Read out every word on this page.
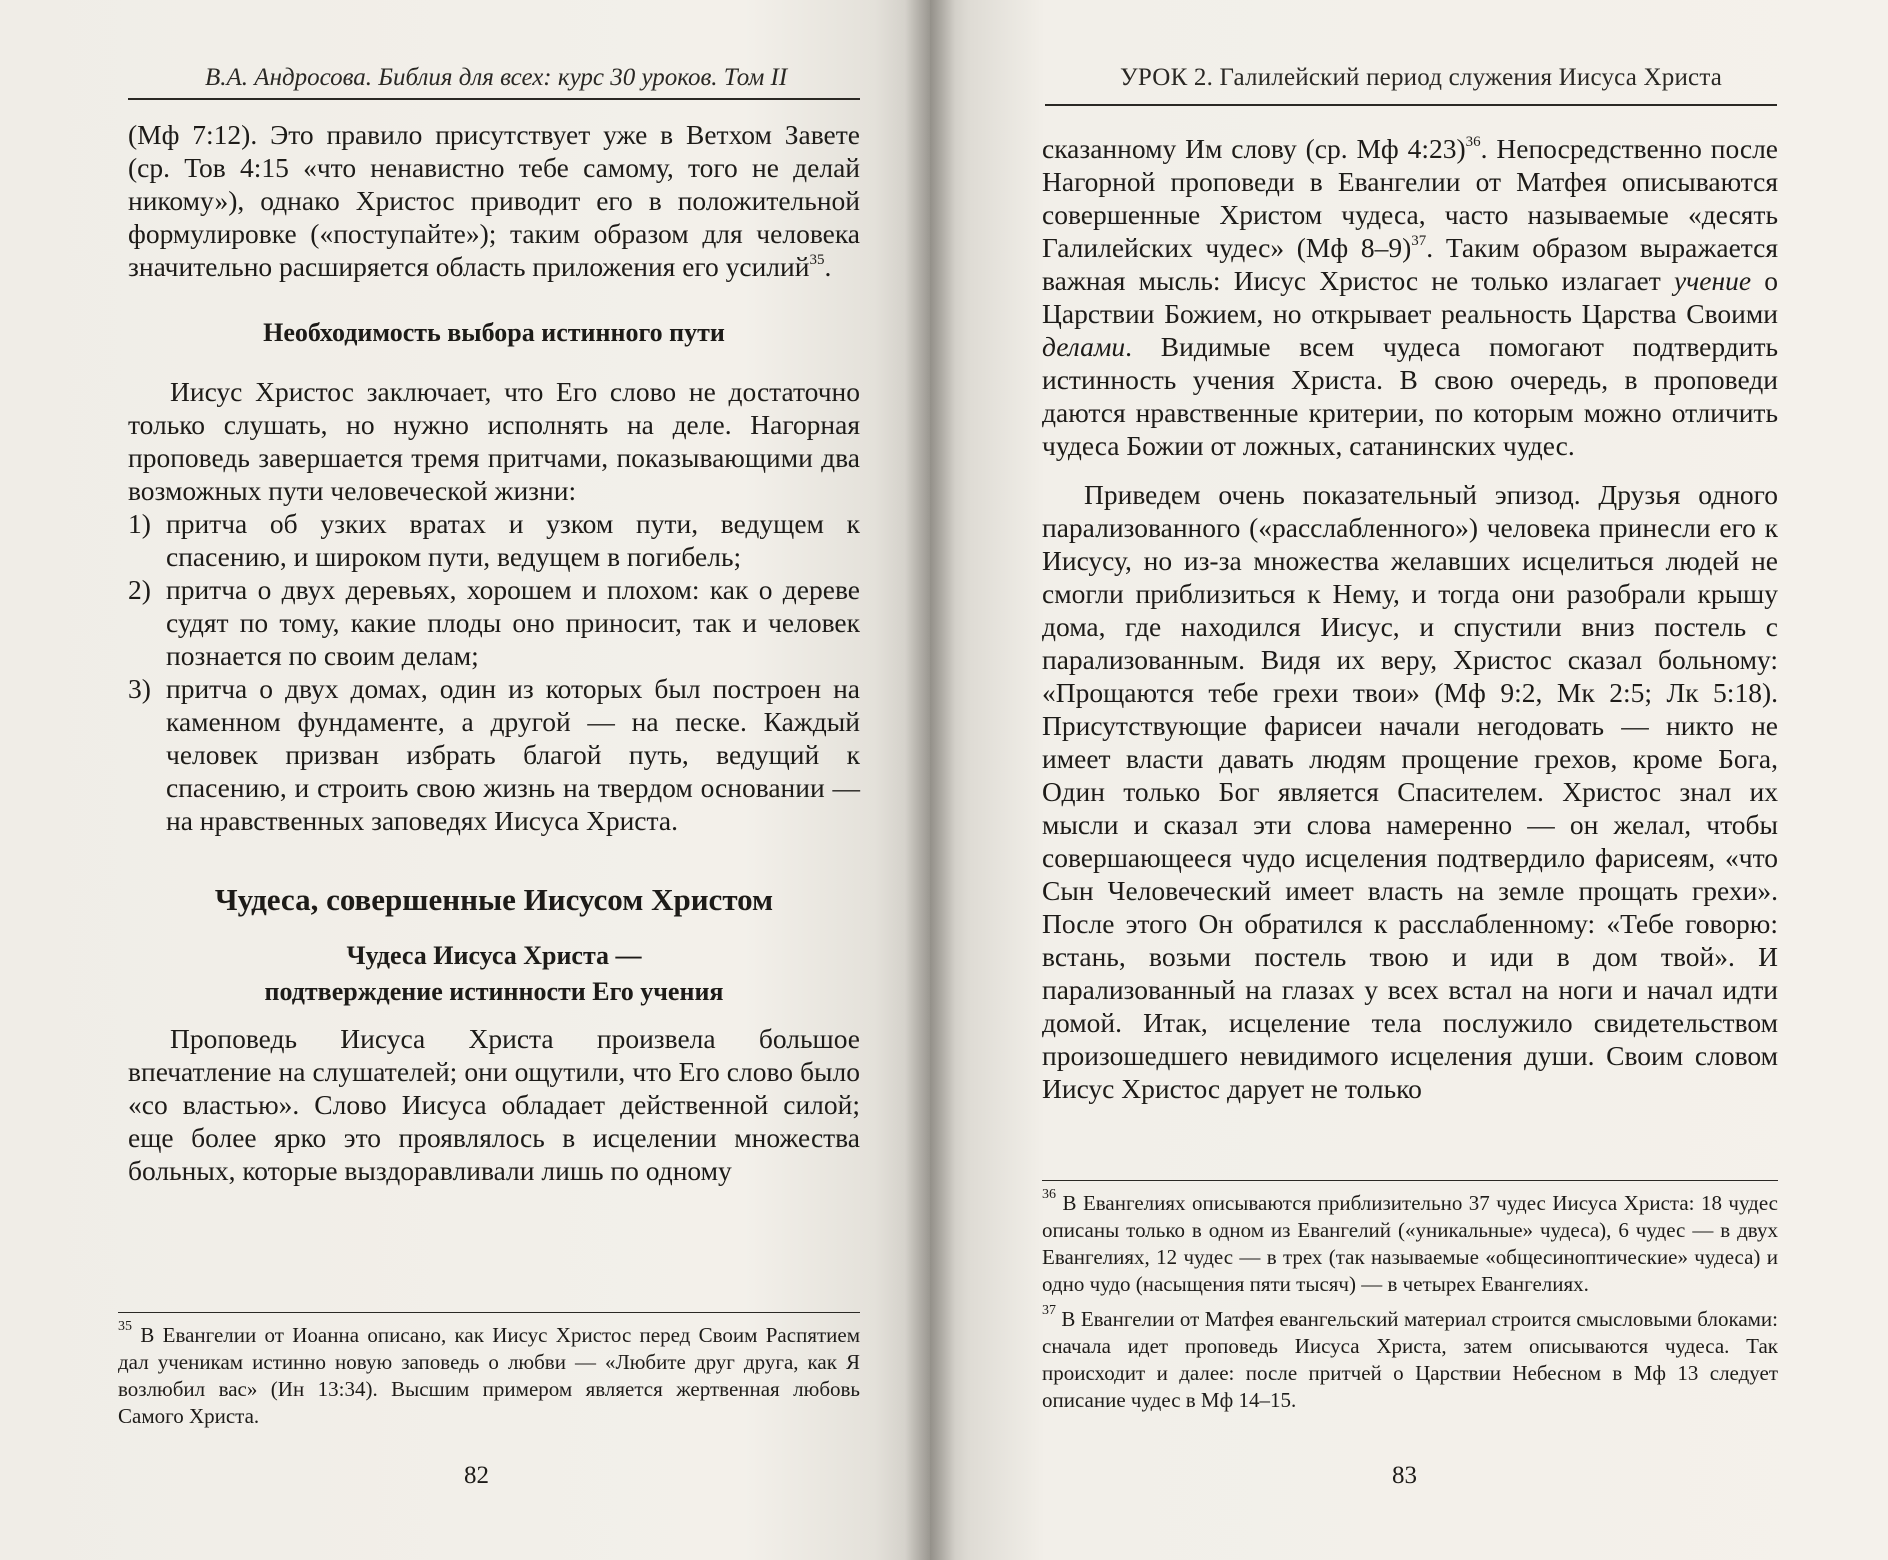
В.А. Андросова. Библия для всех: курс 30 уроков. Том II

(Мф 7:12). Это правило присутствует уже в Ветхом Завете (ср. Тов 4:15 «что ненавистно тебе самому, того не делай никому»), однако Христос приводит его в положительной формулировке («поступайте»); таким образом для человека значительно расширяется область приложения его усилий$^{35}$.

Необходимость выбора истинного пути

Иисус Христос заключает, что Его слово не достаточно только слушать, но нужно исполнять на деле. Нагорная проповедь завершается тремя притчами, показывающими два возможных пути человеческой жизни:

1) притча об узких вратах и узком пути, ведущем к спасению, и широком пути, ведущем в погибель;
2) притча о двух деревьях, хорошем и плохом: как о дереве судят по тому, какие плоды оно приносит, так и человек познается по своим делам;
3) притча о двух домах, один из которых был построен на каменном фундаменте, а другой — на песке. Каждый человек призван избрать благой путь, ведущий к спасению, и строить свою жизнь на твердом основании — на нравственных заповедях Иисуса Христа.
Чудеса, совершенные Иисусом Христом
Чудеса Иисуса Христа —
подтверждение истинности Его учения

Проповедь Иисуса Христа произвела большое впечатление на слушателей; они ощутили, что Его слово было «со властью». Слово Иисуса обладает действенной силой; еще более ярко это проявлялось в исцелении множества больных, которые выздоравливали лишь по одному

$^{35}$ В Евангелии от Иоанна описано, как Иисус Христос перед Своим Распятием дал ученикам истинно новую заповедь о любви — «Любите друг друга, как Я возлюбил вас» (Ин 13:34). Высшим примером является жертвенная любовь Самого Христа.
82
УРОК 2. Галилейский период служения Иисуса Христа

сказанному Им слову (ср. Мф 4:23)$^{36}$. Непосредственно после Нагорной проповеди в Евангелии от Матфея описываются совершенные Христом чудеса, часто называемые «десять Галилейских чудес» (Мф 8–9)$^{37}$. Таким образом выражается важная мысль: Иисус Христос не только излагает учение о Царствии Божием, но открывает реальность Царства Своими делами. Видимые всем чудеса помогают подтвердить истинность учения Христа. В свою очередь, в проповеди даются нравственные критерии, по которым можно отличить чудеса Божии от ложных, сатанинских чудес.

Приведем очень показательный эпизод. Друзья одного парализованного («расслабленного») человека принесли его к Иисусу, но из-за множества желавших исцелиться людей не смогли приблизиться к Нему, и тогда они разобрали крышу дома, где находился Иисус, и спустили вниз постель с парализованным. Видя их веру, Христос сказал больному: «Прощаются тебе грехи твои» (Мф 9:2, Мк 2:5; Лк 5:18). Присутствующие фарисеи начали негодовать — никто не имеет власти давать людям прощение грехов, кроме Бога, Один только Бог является Спасителем. Христос знал их мысли и сказал эти слова намеренно — он желал, чтобы совершающееся чудо исцеления подтвердило фарисеям, «что Сын Человеческий имеет власть на земле прощать грехи». После этого Он обратился к расслабленному: «Тебе говорю: встань, возьми постель твою и иди в дом твой». И парализованный на глазах у всех встал на ноги и начал идти домой. Итак, исцеление тела послужило свидетельством произошедшего невидимого исцеления души. Своим словом Иисус Христос дарует не только

$^{36}$ В Евангелиях описываются приблизительно 37 чудес Иисуса Христа: 18 чудес описаны только в одном из Евангелий («уникальные» чудеса), 6 чудес — в двух Евангелиях, 12 чудес — в трех (так называемые «общесиноптические» чудеса) и одно чудо (насыщения пяти тысяч) — в четырех Евангелиях.
$^{37}$ В Евангелии от Матфея евангельский материал строится смысловыми блоками: сначала идет проповедь Иисуса Христа, затем описываются чудеса. Так происходит и далее: после притчей о Царствии Небесном в Мф 13 следует описание чудес в Мф 14–15.
83
